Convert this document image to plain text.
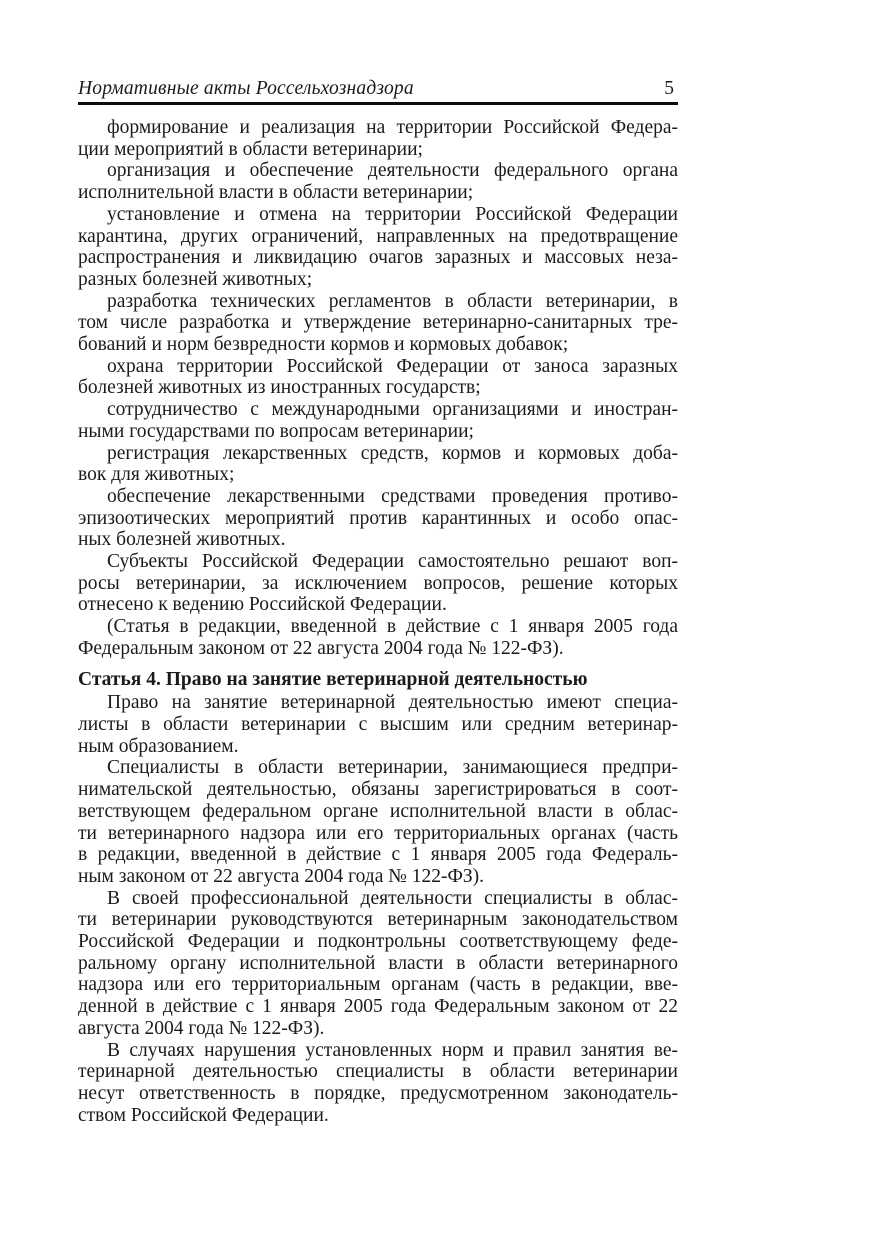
Нормативные акты Россельхознадзора	5
формирование и реализация на территории Российской Федера-
ции мероприятий в области ветеринарии;
организация и обеспечение деятельности федерального органа
исполнительной власти в области ветеринарии;
установление и отмена на территории Российской Федерации
карантина, других ограничений, направленных на предотвращение
распространения и ликвидацию очагов заразных и массовых неза-
разных болезней животных;
разработка технических регламентов в области ветеринарии, в
том числе разработка и утверждение ветеринарно-санитарных тре-
бований и норм безвредности кормов и кормовых добавок;
охрана территории Российской Федерации от заноса заразных
болезней животных из иностранных государств;
сотрудничество с международными организациями и иностран-
ными государствами по вопросам ветеринарии;
регистрация лекарственных средств, кормов и кормовых доба-
вок для животных;
обеспечение лекарственными средствами проведения противо-
эпизоотических мероприятий против карантинных и особо опас-
ных болезней животных.
Субъекты Российской Федерации самостоятельно решают воп-
росы ветеринарии, за исключением вопросов, решение которых
отнесено к ведению Российской Федерации.
(Статья в редакции, введенной в действие с 1 января 2005 года
Федеральным законом от 22 августа 2004 года № 122-ФЗ).
Статья 4. Право на занятие ветеринарной деятельностью
Право на занятие ветеринарной деятельностью имеют специа-
листы в области ветеринарии с высшим или средним ветеринар-
ным образованием.
Специалисты в области ветеринарии, занимающиеся предпри-
нимательской деятельностью, обязаны зарегистрироваться в соот-
ветствующем федеральном органе исполнительной власти в облас-
ти ветеринарного надзора или его территориальных органах (часть
в редакции, введенной в действие с 1 января 2005 года Федераль-
ным законом от 22 августа 2004 года № 122-ФЗ).
В своей профессиональной деятельности специалисты в облас-
ти ветеринарии руководствуются ветеринарным законодательством
Российской Федерации и подконтрольны соответствующему феде-
ральному органу исполнительной власти в области ветеринарного
надзора или его территориальным органам (часть в редакции, вве-
денной в действие с 1 января 2005 года Федеральным законом от 22
августа 2004 года № 122-ФЗ).
В случаях нарушения установленных норм и правил занятия ве-
теринарной деятельностью специалисты в области ветеринарии
несут ответственность в порядке, предусмотренном законодатель-
ством Российской Федерации.
